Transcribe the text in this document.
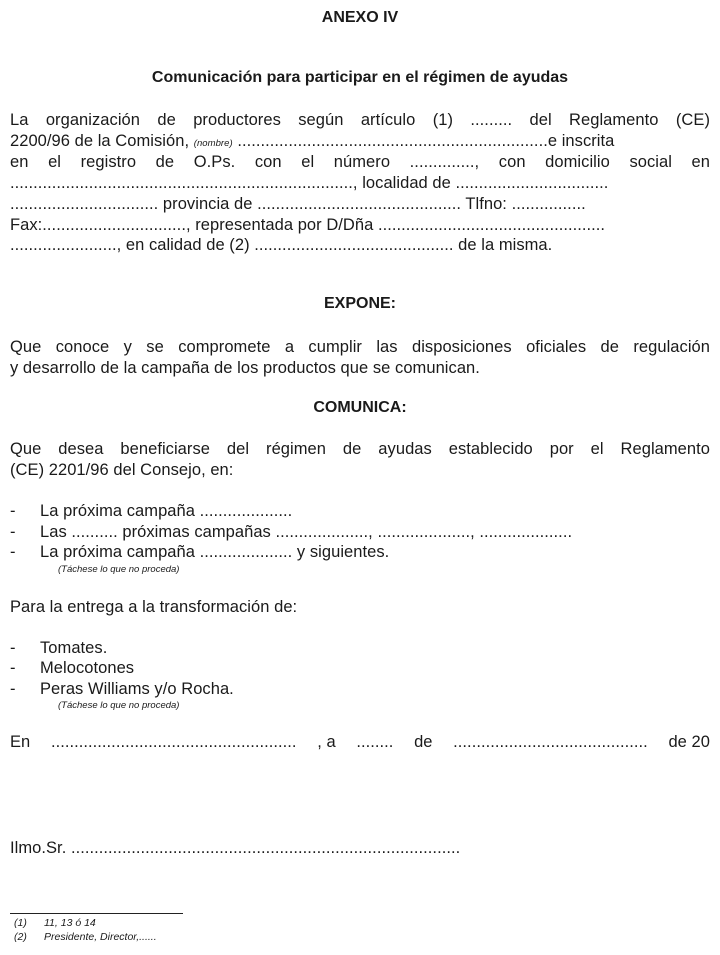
ANEXO IV
Comunicación para participar en el régimen de ayudas
La organización de productores según artículo (1) ......... del Reglamento (CE)
2200/96 de la Comisión, (nombre) ...................................................................e inscrita
en el registro de O.Ps. con el número .............., con domicilio social en
.........................................................................., localidad de .................................
................................ provincia de ............................................ Tlfno: ................
Fax:..............................., representada por D/Dña .................................................
......................., en calidad de (2) ........................................... de la misma.
EXPONE:
Que conoce y se compromete a cumplir las disposiciones oficiales de regulación
y desarrollo de la campaña de los productos que se comunican.
COMUNICA:
Que desea beneficiarse del régimen de ayudas establecido por el Reglamento
(CE) 2201/96 del Consejo, en:
- La próxima campaña ....................
- Las .......... próximas campañas ...................., ...................., ....................
- La próxima campaña .................... y siguientes.
(Táchese lo que no proceda)
Para la entrega a la transformación de:
- Tomates.
- Melocotones
- Peras Williams y/o Rocha.
(Táchese lo que no proceda)
En ..................................................... , a ........ de .......................................... de 20
Ilmo.Sr. ....................................................................................
(1) 11, 13 ó 14
(2) Presidente, Director,......
